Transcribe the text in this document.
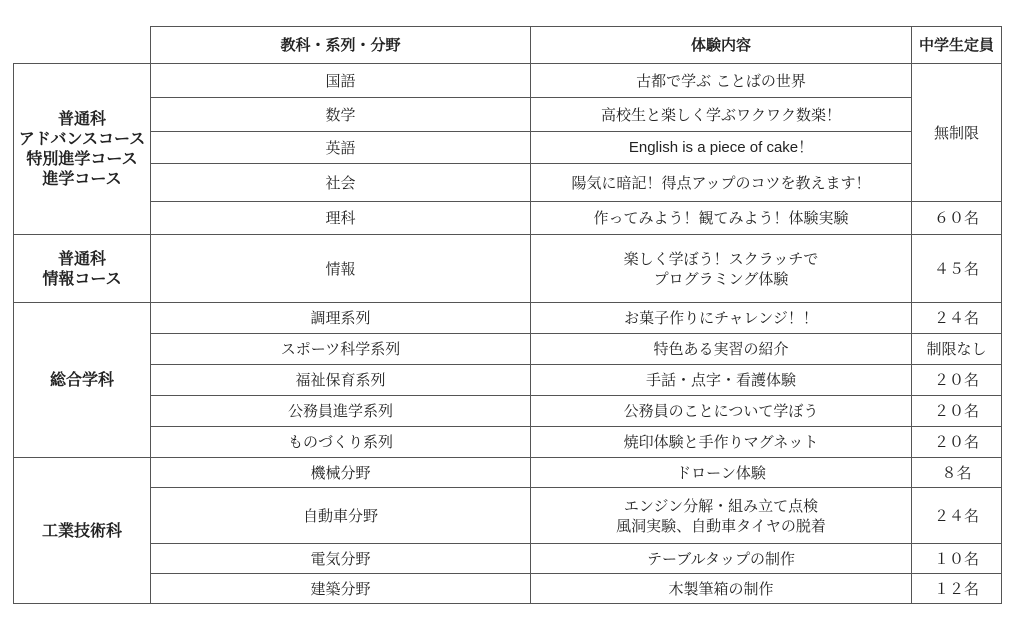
	教科・系列・分野	体験内容	中学生定員

普通科
アドバンスコース
特別進学コース
進学コース	国語	古都で学ぶ ことばの世界	無制限
	数学	高校生と楽しく学ぶワクワク数楽！	
	英語	English is a piece of cake！	
	社会	陽気に暗記！得点アップのコツを教えます！	
	理科	作ってみよう！観てみよう！体験実験	６０名

普通科
情報コース	情報	楽しく学ぼう！スクラッチで
プログラミング体験	４５名
総合学科	調理系列	お菓子作りにチャレンジ！！	２４名
	スポーツ科学系列	特色ある実習の紹介	制限なし
	福祉保育系列	手話・点字・看護体験	２０名
	公務員進学系列	公務員のことについて学ぼう	２０名
	ものづくり系列	焼印体験と手作りマグネット	２０名
工業技術科	機械分野	ドローン体験	８名
	自動車分野	エンジン分解・組み立て点検
風洞実験、自動車タイヤの脱着	２４名
	電気分野	テーブルタップの制作	１０名
	建築分野	木製筆箱の制作	１２名
